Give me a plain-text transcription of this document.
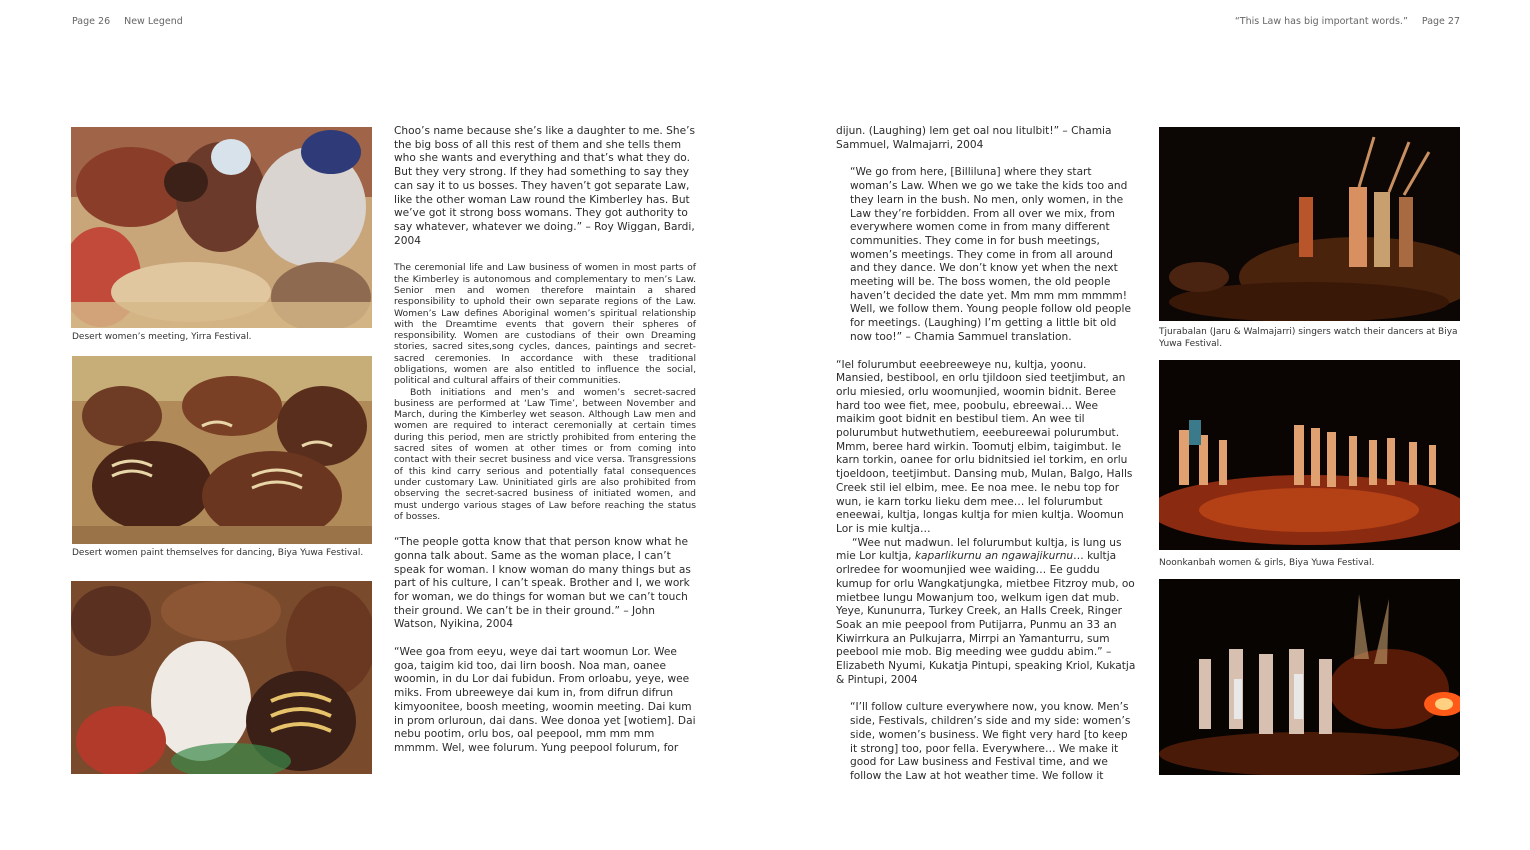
Page 26 New Legend	“This Law has big important words.” Page 27
Desert women’s meeting, Yirra Festival.
Desert women paint themselves for dancing, Biya Yuwa Festival.

Choo’s name because she’s like a daughter to me. She’s the big boss of all this rest of them and she tells them who she wants and everything and that’s what they do. But they very strong. If they had something to say they can say it to us bosses. They haven’t got separate Law, like the other woman Law round the Kimberley has. But we’ve got it strong boss womans. They got authority to say whatever, whatever we doing.” – Roy Wiggan, Bardi, 2004

The ceremonial life and Law business of women in most parts of the Kimberley is autonomous and complementary to men’s Law. Senior men and women therefore maintain a shared responsibility to uphold their own separate regions of the Law. Women’s Law defines Aboriginal women’s spiritual relationship with the Dreamtime events that govern their spheres of responsibility. Women are custodians of their own Dreaming stories, sacred sites,song cycles, dances, paintings and secret-sacred ceremonies. In accordance with these traditional obligations, women are also entitled to influence the social, political and cultural affairs of their communities.

Both initiations and men’s and women’s secret-sacred business are performed at ‘Law Time’, between November and March, during the Kimberley wet season. Although Law men and women are required to interact ceremonially at certain times during this period, men are strictly prohibited from entering the sacred sites of women at other times or from coming into contact with their secret business and vice versa. Transgressions of this kind carry serious and potentially fatal consequences under customary Law. Uninitiated girls are also prohibited from observing the secret-sacred business of initiated women, and must undergo various stages of Law before reaching the status of bosses.

“The people gotta know that that person know what he gonna talk about. Same as the woman place, I can’t speak for woman. I know woman do many things but as part of his culture, I can’t speak. Brother and I, we work for woman, we do things for woman but we can’t touch their ground. We can’t be in their ground.” – John Watson, Nyikina, 2004

“Wee goa from eeyu, weye dai tart woomun Lor. Wee goa, taigim kid too, dai lirn boosh. Noa man, oanee woomin, in du Lor dai fubidun. From orloabu, yeye, wee miks. From ubreeweye dai kum in, from difrun difrun kimyoonitee, boosh meeting, woomin meeting. Dai kum in prom orluroun, dai dans. Wee donoa yet [wotiem]. Dai nebu pootim, orlu bos, oal peepool, mm mm mm mmmm. Wel, wee folurum. Yung peepool folurum, for

dijun. (Laughing) lem get oal nou litulbit!” – Chamia Sammuel, Walmajarri, 2004

“We go from here, [Billiluna] where they start woman’s Law. When we go we take the kids too and they learn in the bush. No men, only women, in the Law they’re forbidden. From all over we mix, from everywhere women come in from many different communities. They come in for bush meetings, women’s meetings. They come in from all around and they dance. We don’t know yet when the next meeting will be. The boss women, the old people haven’t decided the date yet. Mm mm mm mmmm! Well, we follow them. Young people follow old people for meetings. (Laughing) I’m getting a little bit old now too!” – Chamia Sammuel translation.

“Iel folurumbut eeebreeweye nu, kultja, yoonu. Mansied, bestibool, en orlu tjildoon sied teetjimbut, an orlu miesied, orlu woomunjied, woomin bidnit. Beree hard too wee fiet, mee, poobulu, ebreewai… Wee maikim goot bidnit en bestibul tiem. An wee til polurumbut hutwethutiem, eeebureewai polurumbut. Mmm, beree hard wirkin. Toomutj elbim, taigimbut. Ie karn torkin, oanee for orlu bidnitsied iel torkim, en orlu tjoeldoon, teetjimbut. Dansing mub, Mulan, Balgo, Halls Creek stil iel elbim, mee. Ee noa mee. Ie nebu top for wun, ie karn torku lieku dem mee… Iel folurumbut eneewai, kultja, longas kultja for mien kultja. Woomun Lor is mie kultja…

“Wee nut madwun. Iel folurumbut kultja, is lung us mie Lor kultja, kaparlikurnu an ngawajikurnu… kultja orlredee for woomunjied wee waiding… Ee guddu kumup for orlu Wangkatjungka, mietbee Fitzroy mub, oo mietbee lungu Mowanjum too, welkum igen dat mub. Yeye, Kununurra, Turkey Creek, an Halls Creek, Ringer Soak an mie peepool from Putijarra, Punmu an 33 an Kiwirrkura an Pulkujarra, Mirrpi an Yamanturru, sum peebool mie mob. Big meeding wee guddu abim.” – Elizabeth Nyumi, Kukatja Pintupi, speaking Kriol, Kukatja & Pintupi, 2004

“I’ll follow culture everywhere now, you know. Men’s side, Festivals, children’s side and my side: women’s side, women’s business. We fight very hard [to keep it strong] too, poor fella. Everywhere… We make it good for Law business and Festival time, and we follow the Law at hot weather time. We follow it

Tjurabalan (Jaru & Walmajarri) singers watch their dancers at Biya Yuwa Festival.
Noonkanbah women & girls, Biya Yuwa Festival.
